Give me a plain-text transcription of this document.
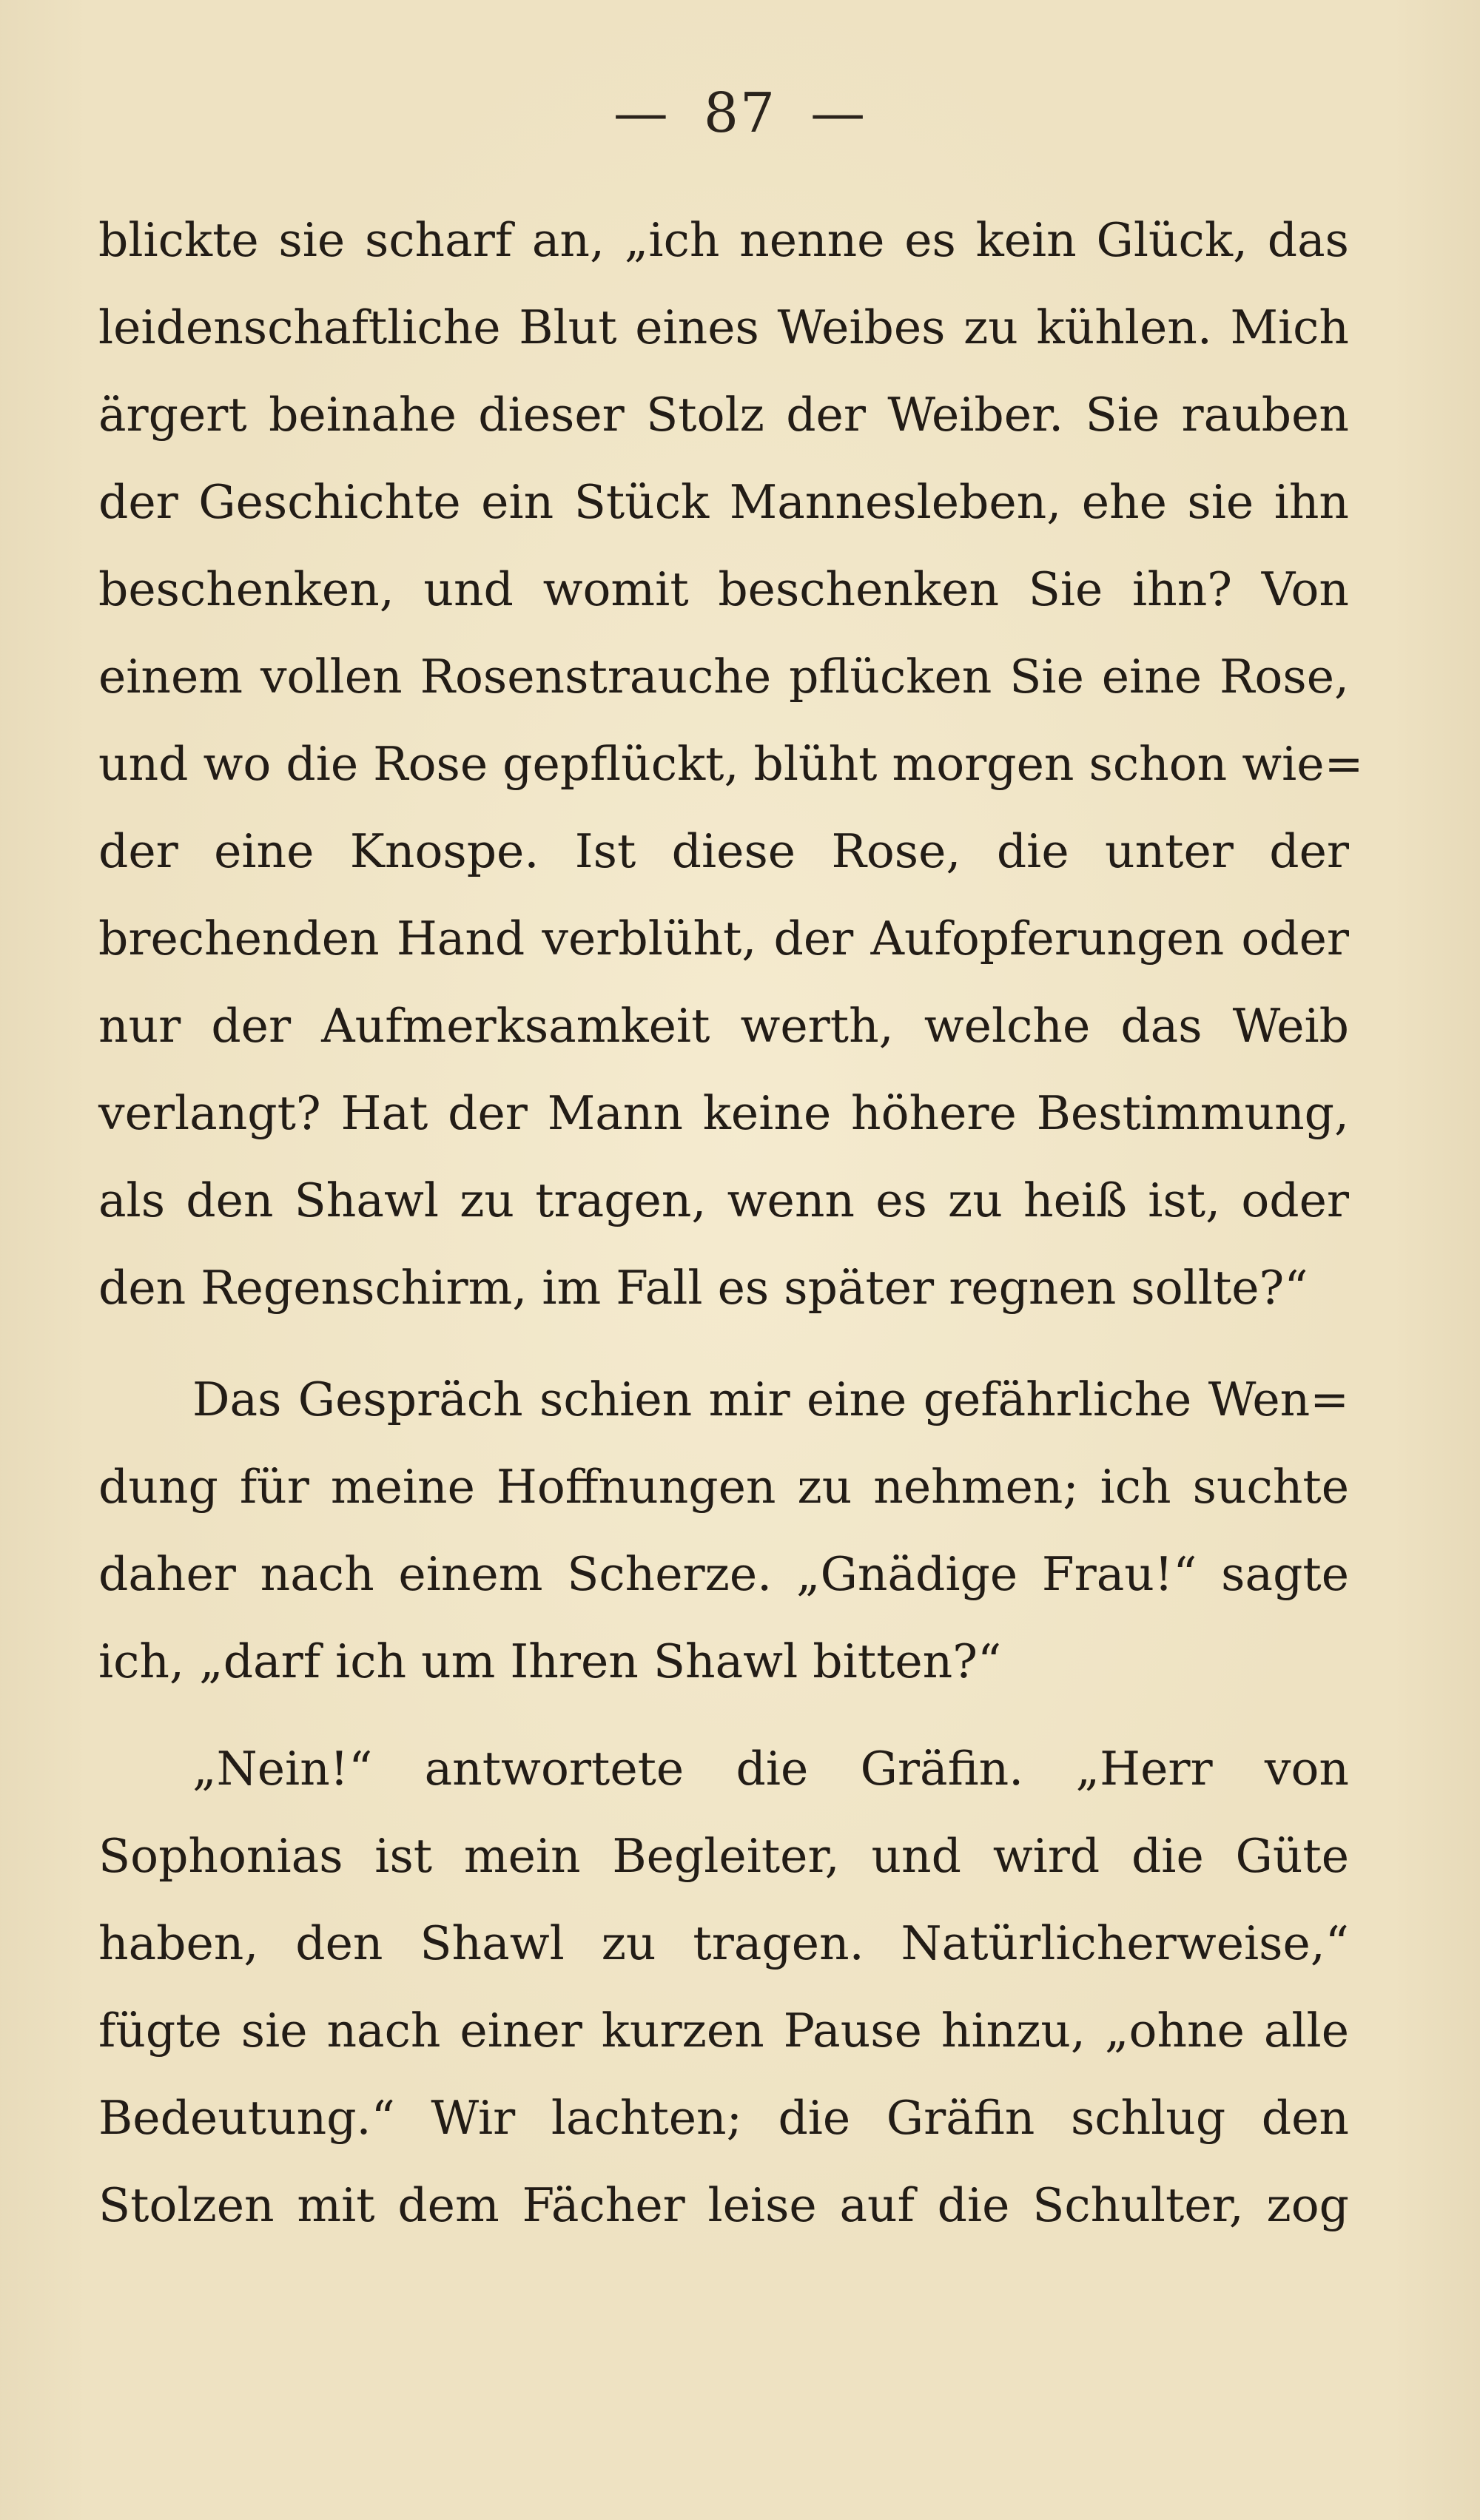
— 87 —
blickte sie scharf an, „ich nenne es kein Glück, das
leidenschaftliche Blut eines Weibes zu kühlen. Mich
ärgert beinahe dieser Stolz der Weiber. Sie rauben
der Geschichte ein Stück Mannesleben, ehe sie ihn
beschenken, und womit beschenken Sie ihn? Von
einem vollen Rosenstrauche pflücken Sie eine Rose,
und wo die Rose gepflückt, blüht morgen schon wie=
der eine Knospe. Ist diese Rose, die unter der
brechenden Hand verblüht, der Aufopferungen oder
nur der Aufmerksamkeit werth, welche das Weib
verlangt? Hat der Mann keine höhere Bestimmung,
als den Shawl zu tragen, wenn es zu heiß ist, oder
den Regenschirm, im Fall es später regnen sollte?“
Das Gespräch schien mir eine gefährliche Wen=
dung für meine Hoffnungen zu nehmen; ich suchte
daher nach einem Scherze. „Gnädige Frau!“ sagte
ich, „darf ich um Ihren Shawl bitten?“
„Nein!“ antwortete die Gräfin. „Herr von
Sophonias ist mein Begleiter, und wird die Güte
haben, den Shawl zu tragen. Natürlicherweise,“
fügte sie nach einer kurzen Pause hinzu, „ohne alle
Bedeutung.“ Wir lachten; die Gräfin schlug den
Stolzen mit dem Fächer leise auf die Schulter, zog
